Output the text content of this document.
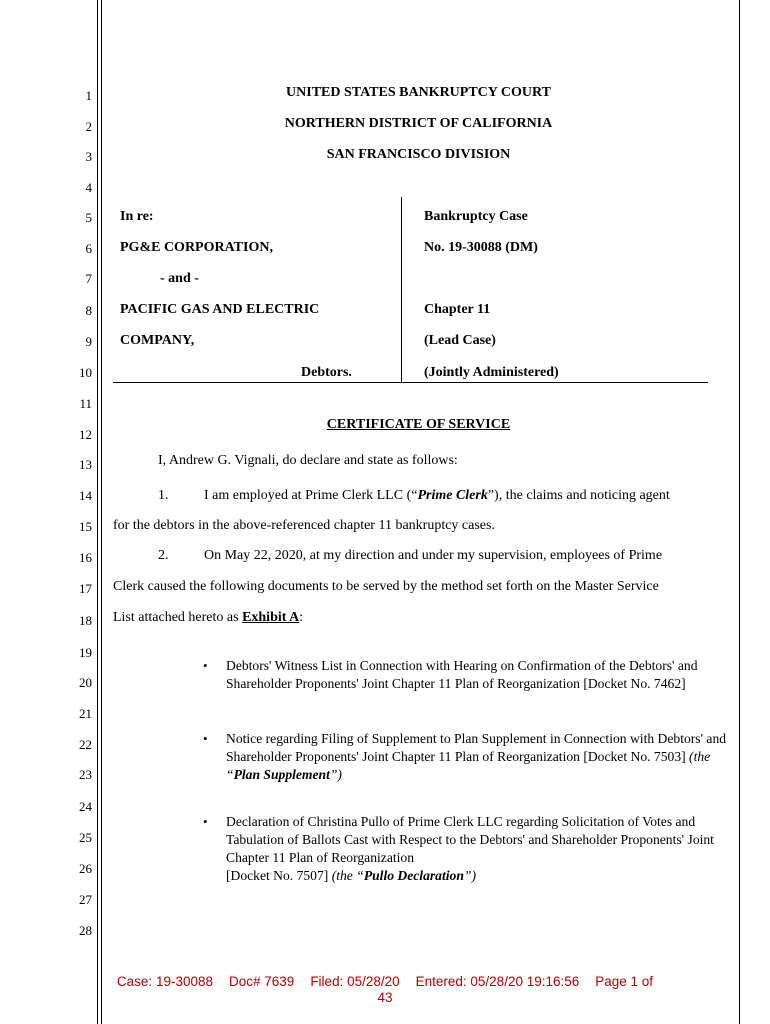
1
2
3
4
5
6
7
8
9
10
11
12
13
14
15
16
17
18
19
20
21
22
23
24
25
26
27
28
UNITED STATES BANKRUPTCY COURT
NORTHERN DISTRICT OF CALIFORNIA
SAN FRANCISCO DIVISION
In re:
PG&E CORPORATION,
- and -
PACIFIC GAS AND ELECTRIC
COMPANY,
Debtors.
Bankruptcy Case
No. 19-30088 (DM)
Chapter 11
(Lead Case)
(Jointly Administered)
CERTIFICATE OF SERVICE
I, Andrew G. Vignali, do declare and state as follows:
1.	I am employed at Prime Clerk LLC (“Prime Clerk”), the claims and noticing agent
for the debtors in the above-referenced chapter 11 bankruptcy cases.
2.	On May 22, 2020, at my direction and under my supervision, employees of Prime
Clerk caused the following documents to be served by the method set forth on the Master Service
List attached hereto as Exhibit A:
• Debtors' Witness List in Connection with Hearing on Confirmation of the Debtors' and Shareholder Proponents' Joint Chapter 11 Plan of Reorganization [Docket No. 7462]
• Notice regarding Filing of Supplement to Plan Supplement in Connection with Debtors' and Shareholder Proponents' Joint Chapter 11 Plan of Reorganization [Docket No. 7503] (the “Plan Supplement”)
• Declaration of Christina Pullo of Prime Clerk LLC regarding Solicitation of Votes and Tabulation of Ballots Cast with Respect to the Debtors' and Shareholder Proponents' Joint Chapter 11 Plan of Reorganization
[Docket No. 7507] (the “Pullo Declaration”)
Case: 19-30088 Doc# 7639 Filed: 05/28/20 Entered: 05/28/20 19:16:56 Page 1 of
43
